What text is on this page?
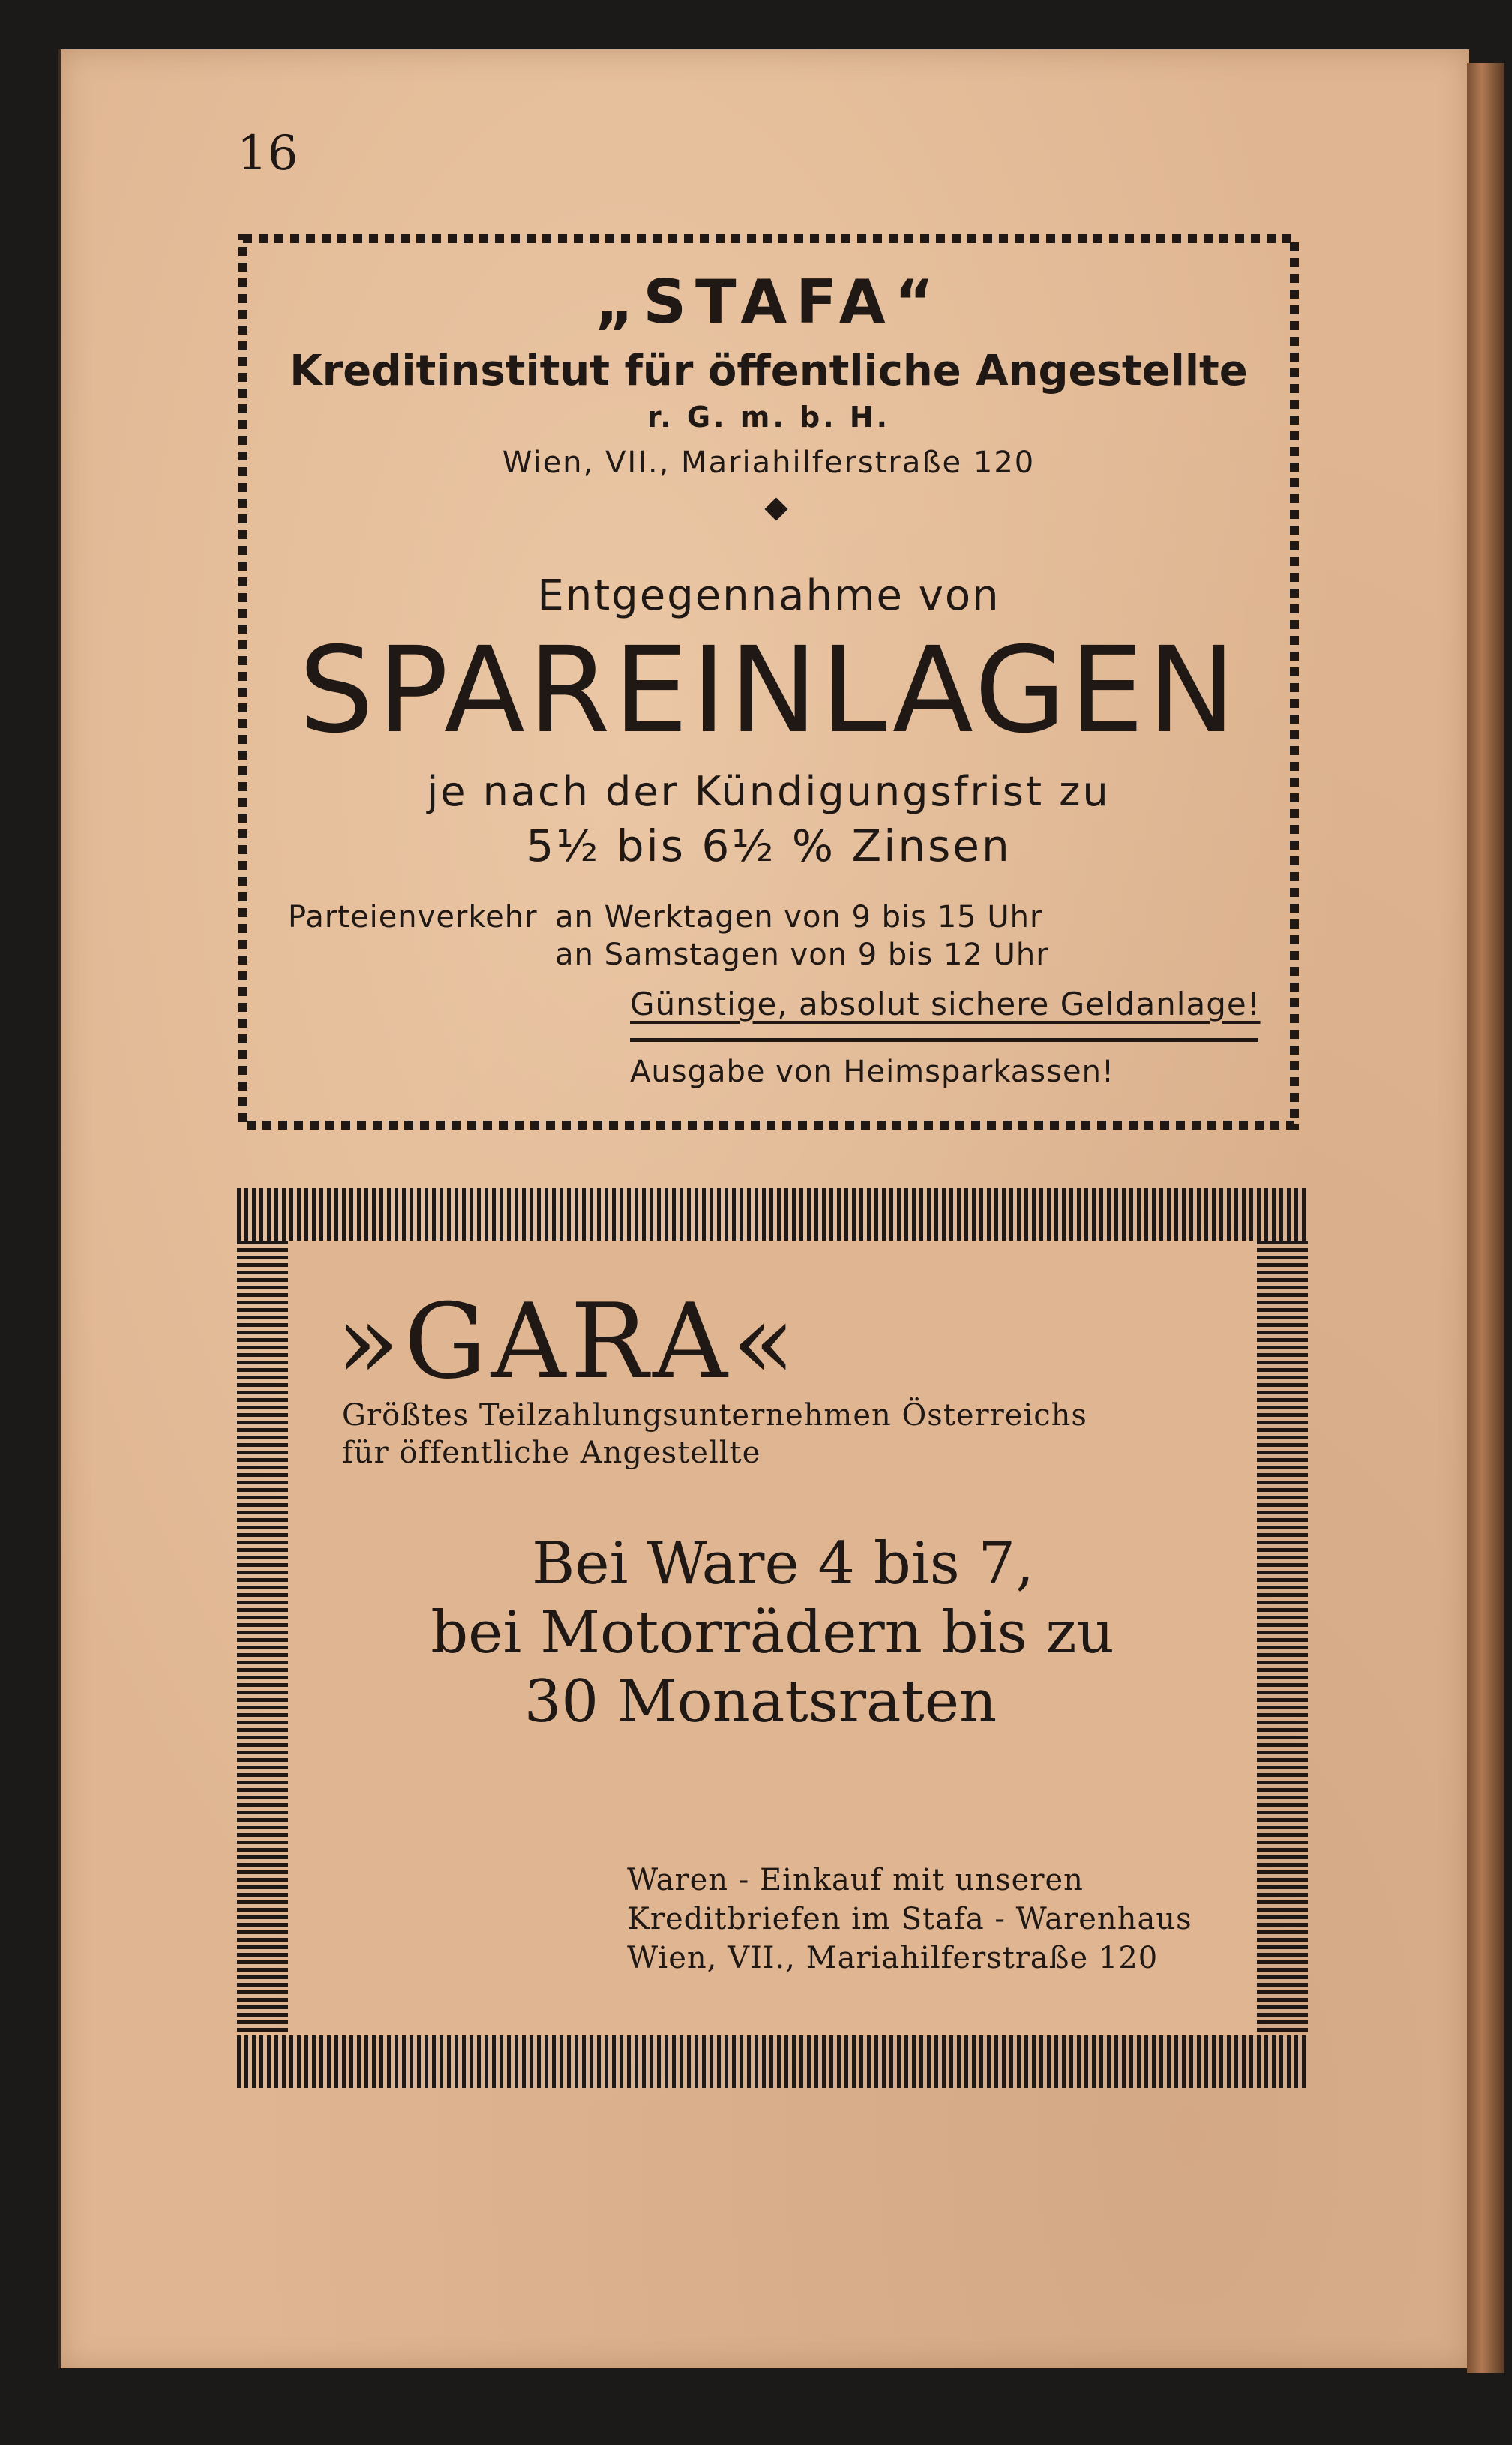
16
„STAFA“
Kreditinstitut für öffentliche Angestellte
r. G. m. b. H.
Wien, VII., Mariahilferstraße 120
Entgegennahme von
SPAREINLAGEN
je nach der Kündigungsfrist zu
5½ bis 6½ % Zinsen
Parteienverkehr an Werktagen von 9 bis 15 Uhr
an Samstagen von 9 bis 12 Uhr
Günstige, absolut sichere Geldanlage!
Ausgabe von Heimsparkassen!
»GARA«
Größtes Teilzahlungsunternehmen Österreichs
für öffentliche Angestellte
Bei Ware 4 bis 7,
bei Motorrädern bis zu
30 Monatsraten
Waren - Einkauf mit unseren
Kreditbriefen im Stafa - Warenhaus
Wien, VII., Mariahilferstraße 120
